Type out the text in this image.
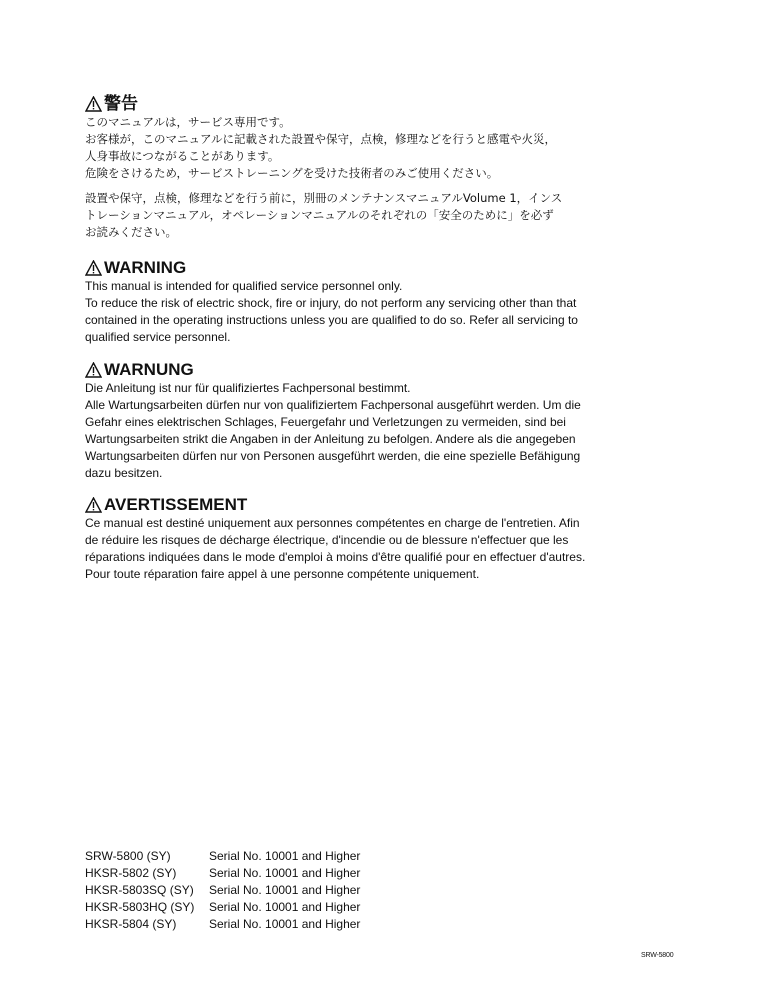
警告

このマニュアルは，サービス専用です。

お客様が，このマニュアルに記載された設置や保守，点検，修理などを行うと感電や火災，

人身事故につながることがあります。

危険をさけるため，サービストレーニングを受けた技術者のみご使用ください。

設置や保守，点検，修理などを行う前に，別冊のメンテナンスマニュアルVolume 1，インス

トレーションマニュアル，オペレーションマニュアルのそれぞれの「安全のために」を必ず

お読みください。

WARNING

This manual is intended for qualified service personnel only.

To reduce the risk of electric shock, fire or injury, do not perform any servicing other than that

contained in the operating instructions unless you are qualified to do so. Refer all servicing to

qualified service personnel.

WARNUNG

Die Anleitung ist nur für qualifiziertes Fachpersonal bestimmt.

Alle Wartungsarbeiten dürfen nur von qualifiziertem Fachpersonal ausgeführt werden. Um die

Gefahr eines elektrischen Schlages, Feuergefahr und Verletzungen zu vermeiden, sind bei

Wartungsarbeiten strikt die Angaben in der Anleitung zu befolgen. Andere als die angegeben

Wartungsarbeiten dürfen nur von Personen ausgeführt werden, die eine spezielle Befähigung

dazu besitzen.

AVERTISSEMENT

Ce manual est destiné uniquement aux personnes compétentes en charge de l'entretien. Afin

de réduire les risques de décharge électrique, d'incendie ou de blessure n'effectuer que les

réparations indiquées dans le mode d'emploi à moins d'être qualifié pour en effectuer d'autres.

Pour toute réparation faire appel à une personne compétente uniquement.

SRW-5800 (SY)	Serial No. 10001 and Higher
HKSR-5802 (SY)	Serial No. 10001 and Higher
HKSR-5803SQ (SY)	Serial No. 10001 and Higher
HKSR-5803HQ (SY)	Serial No. 10001 and Higher
HKSR-5804 (SY)	Serial No. 10001 and Higher
SRW-5800
